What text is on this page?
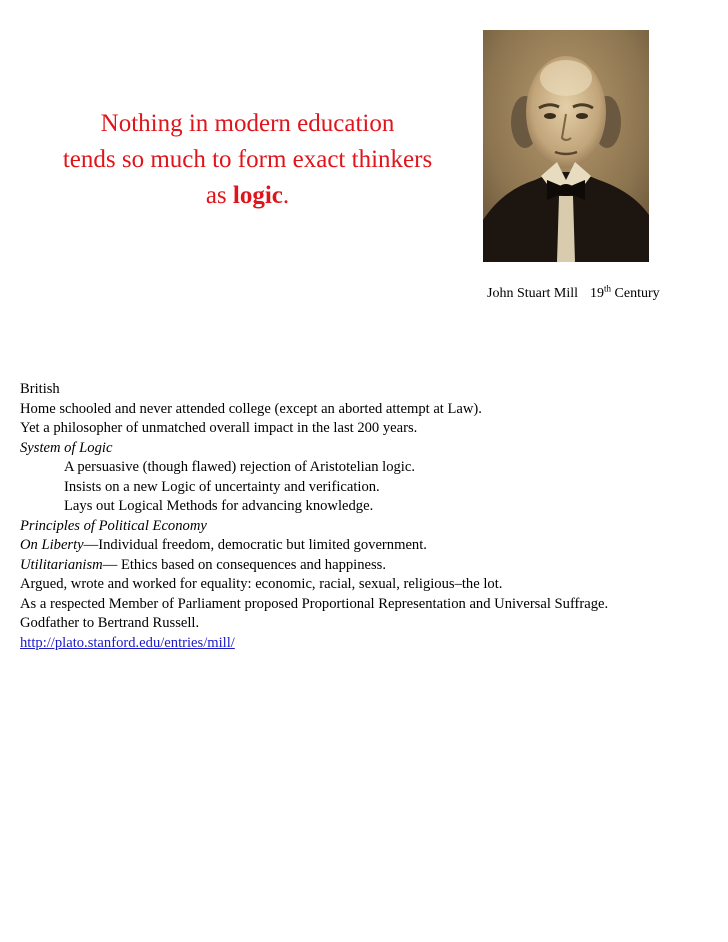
Nothing in modern education
tends so much to form exact thinkers
as logic.
John Stuart Mill 19th Century
British
Home schooled and never attended college (except an aborted attempt at Law).
Yet a philosopher of unmatched overall impact in the last 200 years.
System of Logic
A persuasive (though flawed) rejection of Aristotelian logic.
Insists on a new Logic of uncertainty and verification.
Lays out Logical Methods for advancing knowledge.
Principles of Political Economy
On Liberty—Individual freedom, democratic but limited government.
Utilitarianism— Ethics based on consequences and happiness.
Argued, wrote and worked for equality: economic, racial, sexual, religious–the lot.
As a respected Member of Parliament proposed Proportional Representation and Universal Suffrage.
Godfather to Bertrand Russell.
http://plato.stanford.edu/entries/mill/
